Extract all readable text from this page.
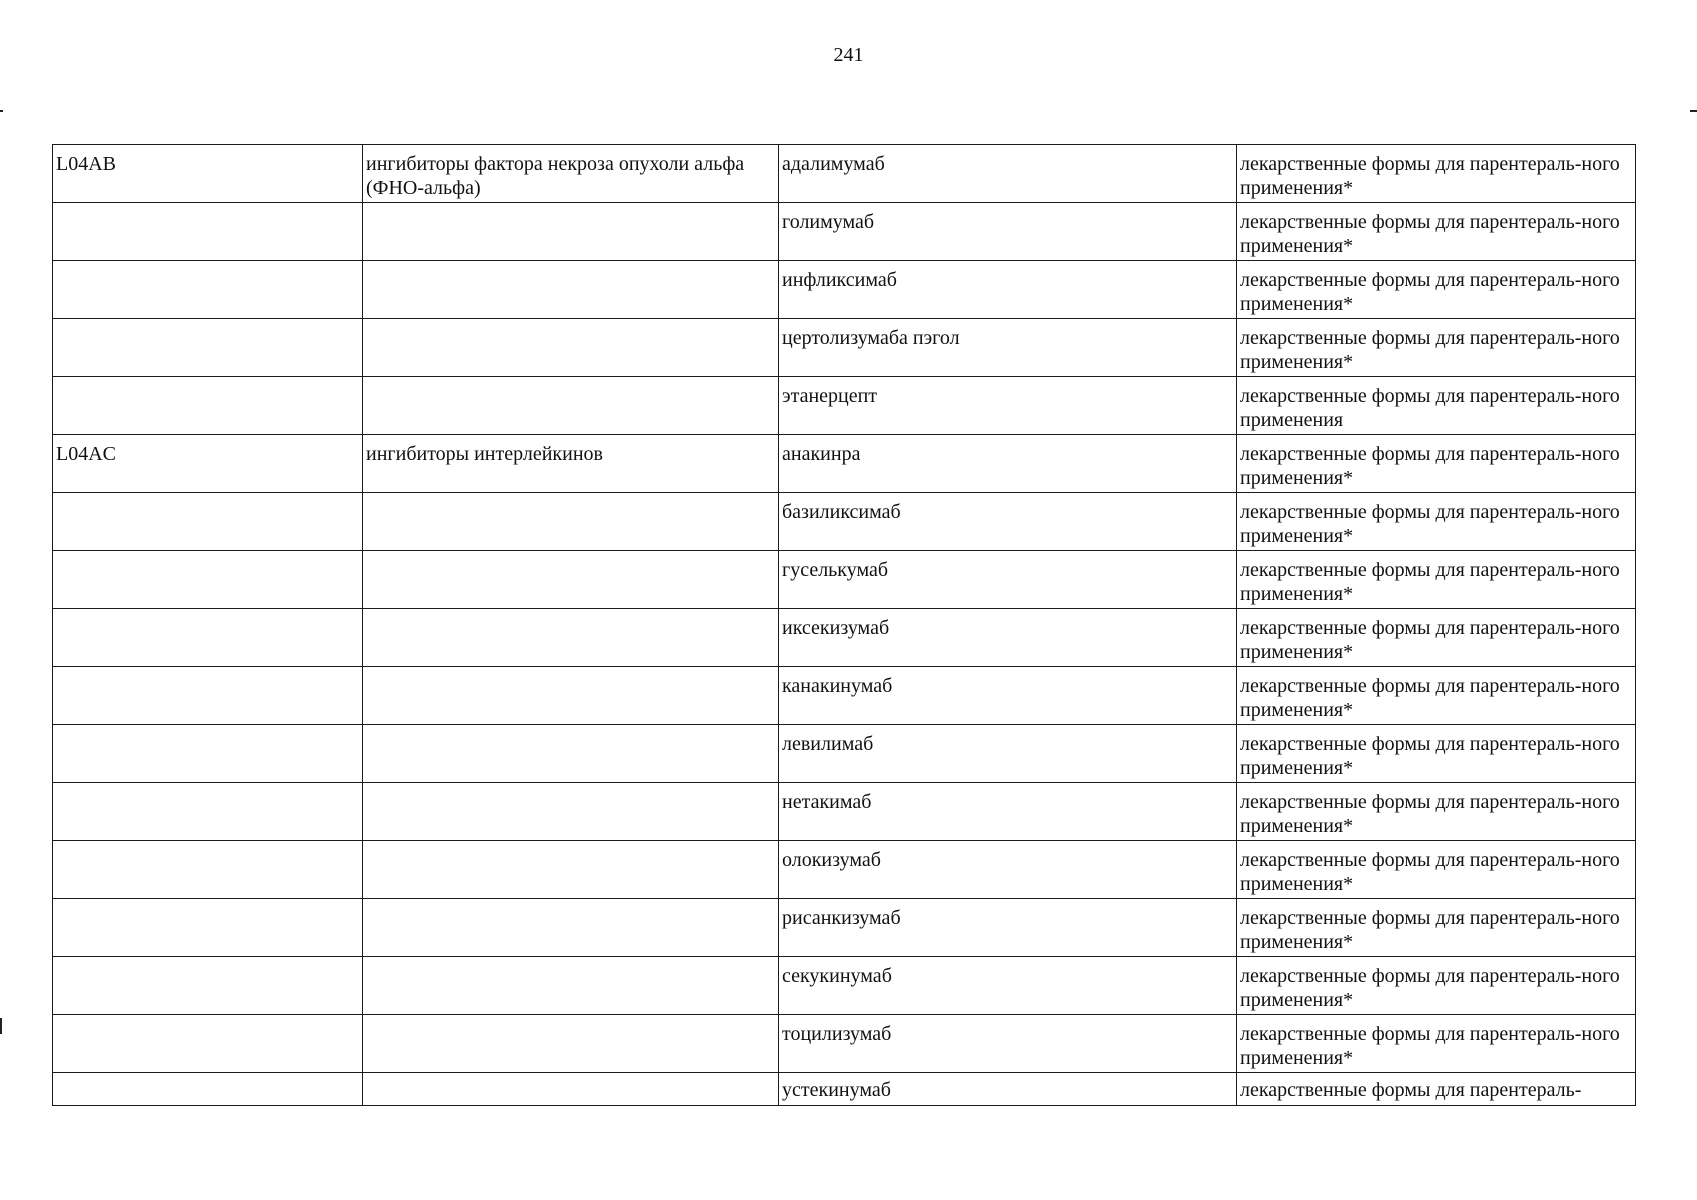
241
L04AB	ингибиторы фактора некроза опухоли альфа (ФНО-альфа)	адалимумаб	лекарственные формы для парентераль-ного применения*
		голимумаб	лекарственные формы для парентераль-ного применения*
		инфликсимаб	лекарственные формы для парентераль-ного применения*
		цертолизумаба пэгол	лекарственные формы для парентераль-ного применения*
		этанерцепт	лекарственные формы для парентераль-ного применения
L04AC	ингибиторы интерлейкинов	анакинра	лекарственные формы для парентераль-ного применения*
		базиликсимаб	лекарственные формы для парентераль-ного применения*
		гуселькумаб	лекарственные формы для парентераль-ного применения*
		иксекизумаб	лекарственные формы для парентераль-ного применения*
		канакинумаб	лекарственные формы для парентераль-ного применения*
		левилимаб	лекарственные формы для парентераль-ного применения*
		нетакимаб	лекарственные формы для парентераль-ного применения*
		олокизумаб	лекарственные формы для парентераль-ного применения*
		рисанкизумаб	лекарственные формы для парентераль-ного применения*
		секукинумаб	лекарственные формы для парентераль-ного применения*
		тоцилизумаб	лекарственные формы для парентераль-ного применения*
		устекинумаб	лекарственные формы для парентераль-
